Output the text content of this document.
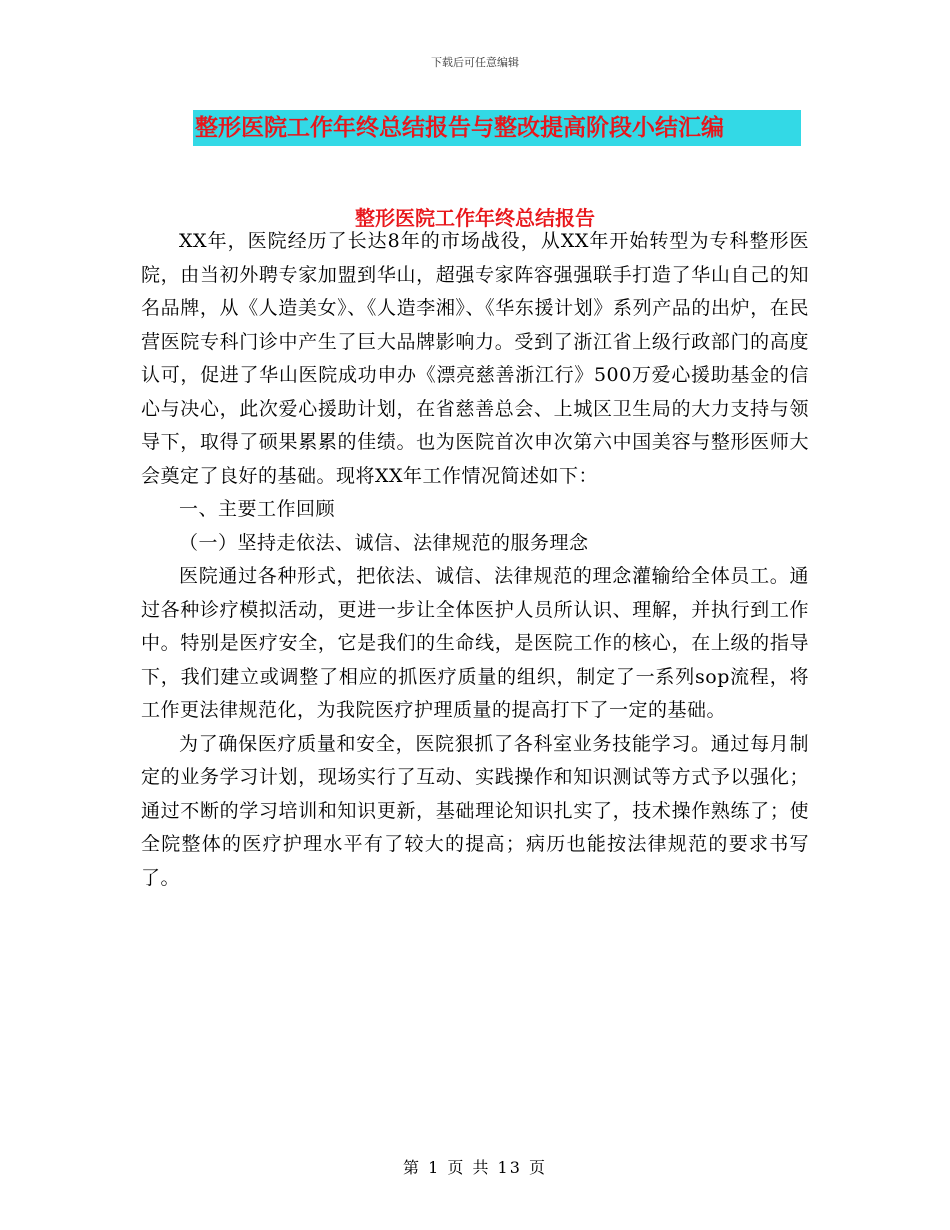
下载后可任意编辑
整形医院工作年终总结报告与整改提高阶段小结汇编
整形医院工作年终总结报告

XX年，医院经历了长达8年的市场战役，从XX年开始转型为专科整形医院，由当初外聘专家加盟到华山，超强专家阵容强强联手打造了华山自己的知名品牌，从《人造美女》、《人造李湘》、《华东援计划》系列产品的出炉，在民营医院专科门诊中产生了巨大品牌影响力。受到了浙江省上级行政部门的高度认可，促进了华山医院成功申办《漂亮慈善浙江行》500万爱心援助基金的信心与决心，此次爱心援助计划，在省慈善总会、上城区卫生局的大力支持与领导下，取得了硕果累累的佳绩。也为医院首次申次第六中国美容与整形医师大会奠定了良好的基础。现将XX年工作情况简述如下：

一、主要工作回顾

（一）坚持走依法、诚信、法律规范的服务理念

医院通过各种形式，把依法、诚信、法律规范的理念灌输给全体员工。通过各种诊疗模拟活动，更进一步让全体医护人员所认识、理解，并执行到工作中。特别是医疗安全，它是我们的生命线，是医院工作的核心，在上级的指导下，我们建立或调整了相应的抓医疗质量的组织，制定了一系列sop流程，将工作更法律规范化，为我院医疗护理质量的提高打下了一定的基础。

为了确保医疗质量和安全，医院狠抓了各科室业务技能学习。通过每月制定的业务学习计划，现场实行了互动、实践操作和知识测试等方式予以强化；通过不断的学习培训和知识更新，基础理论知识扎实了，技术操作熟练了；使全院整体的医疗护理水平有了较大的提高；病历也能按法律规范的要求书写了。

第 1 页 共 13 页
